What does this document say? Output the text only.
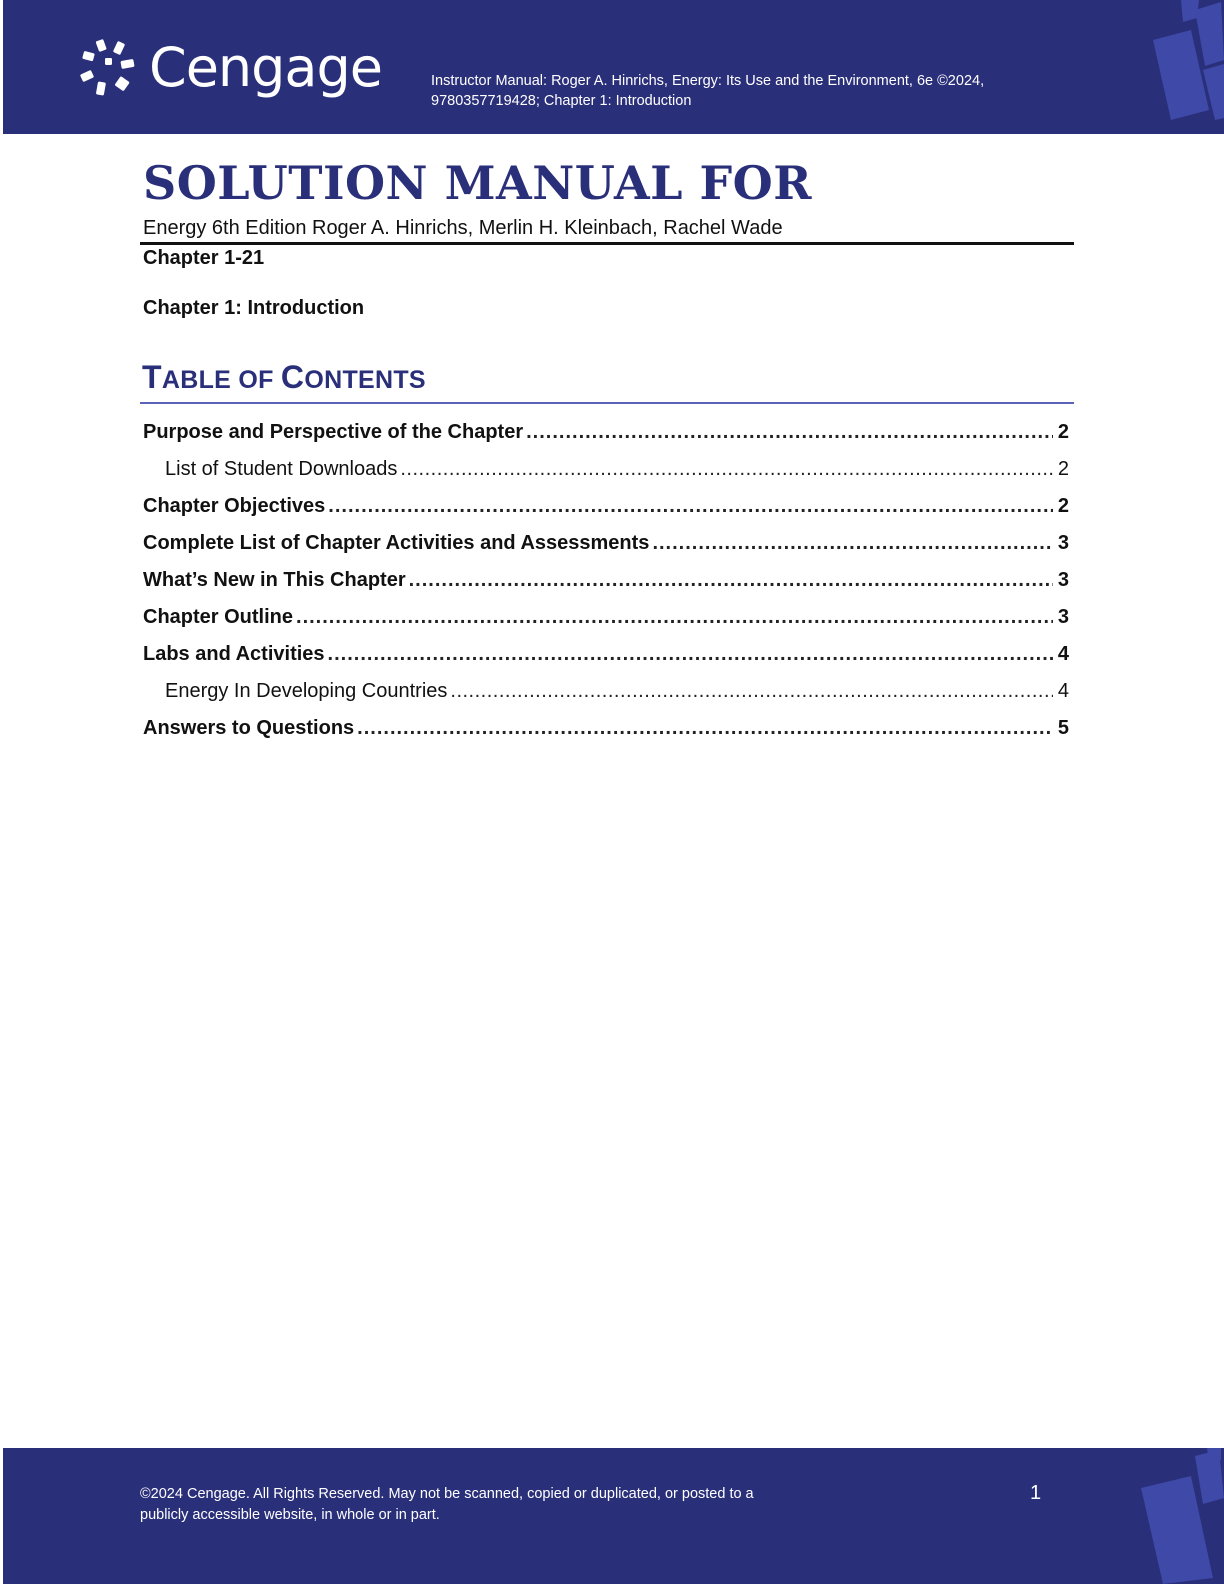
Cengage	Instructor Manual: Roger A. Hinrichs, Energy: Its Use and the Environment, 6e ©2024,
9780357719428; Chapter 1: Introduction
SOLUTION MANUAL FOR
Energy 6th Edition Roger A. Hinrichs, Merlin H. Kleinbach, Rachel Wade
Chapter 1-21
Chapter 1: Introduction
TABLE OF CONTENTS
Purpose and Perspective of the Chapter .....	2
List of Student Downloads .....	2
Chapter Objectives .....	2
Complete List of Chapter Activities and Assessments .....	3
What’s New in This Chapter .....	3
Chapter Outline .....	3
Labs and Activities .....	4
Energy In Developing Countries .....	4
Answers to Questions .....	5
©2024 Cengage. All Rights Reserved. May not be scanned, copied or duplicated, or posted to a
publicly accessible website, in whole or in part.
1
